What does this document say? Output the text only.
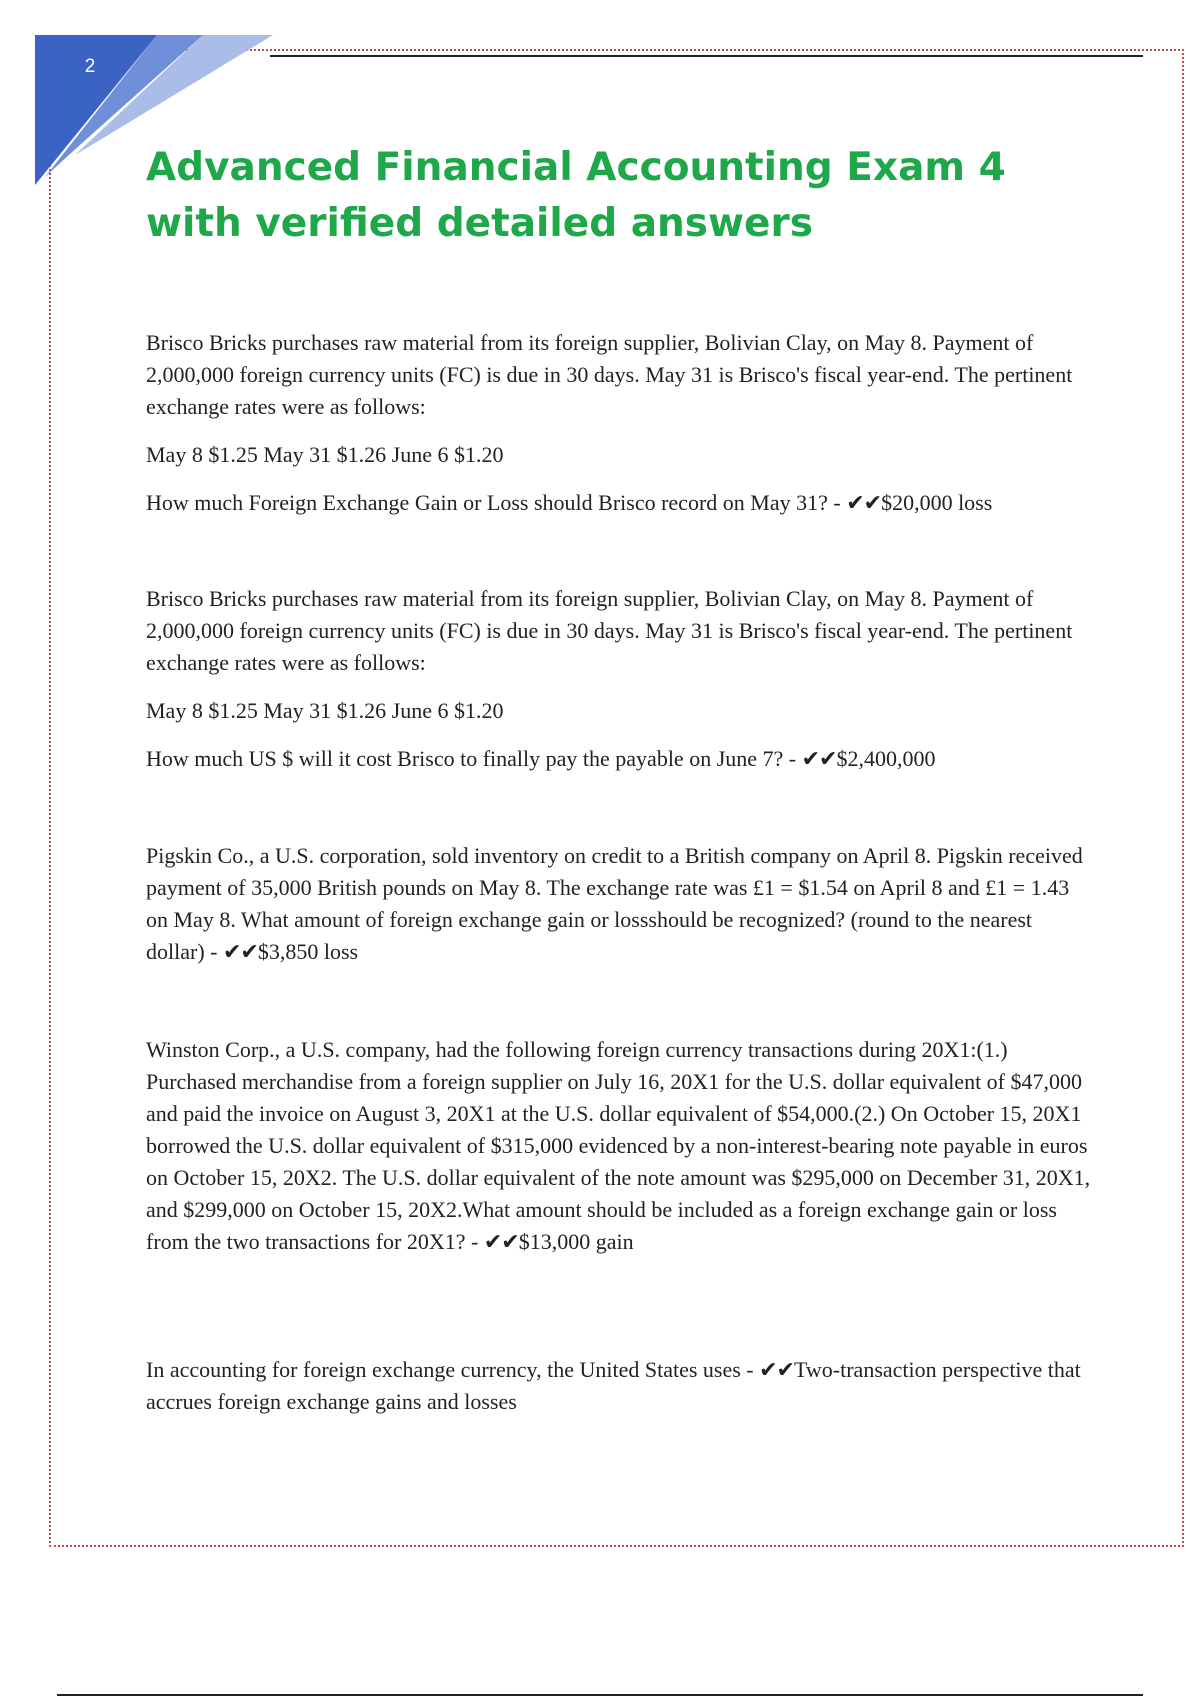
2
Advanced Financial Accounting Exam 4
with verified detailed answers

Brisco Bricks purchases raw material from its foreign supplier, Bolivian Clay, on May 8. Payment of 2,000,000 foreign currency units (FC) is due in 30 days. May 31 is Brisco's fiscal year-end. The pertinent exchange rates were as follows:

May 8 $1.25 May 31 $1.26 June 6 $1.20

How much Foreign Exchange Gain or Loss should Brisco record on May 31? - ✔✔$20,000 loss

Brisco Bricks purchases raw material from its foreign supplier, Bolivian Clay, on May 8. Payment of 2,000,000 foreign currency units (FC) is due in 30 days. May 31 is Brisco's fiscal year-end. The pertinent exchange rates were as follows:

May 8 $1.25 May 31 $1.26 June 6 $1.20

How much US $ will it cost Brisco to finally pay the payable on June 7? - ✔✔$2,400,000

Pigskin Co., a U.S. corporation, sold inventory on credit to a British company on April 8. Pigskin received payment of 35,000 British pounds on May 8. The exchange rate was £1 = $1.54 on April 8 and £1 = 1.43 on May 8. What amount of foreign exchange gain or lossshould be recognized? (round to the nearest dollar) - ✔✔$3,850 loss

Winston Corp., a U.S. company, had the following foreign currency transactions during 20X1:(1.) Purchased merchandise from a foreign supplier on July 16, 20X1 for the U.S. dollar equivalent of $47,000 and paid the invoice on August 3, 20X1 at the U.S. dollar equivalent of $54,000.(2.) On October 15, 20X1 borrowed the U.S. dollar equivalent of $315,000 evidenced by a non-interest-bearing note payable in euros on October 15, 20X2. The U.S. dollar equivalent of the note amount was $295,000 on December 31, 20X1, and $299,000 on October 15, 20X2.What amount should be included as a foreign exchange gain or loss from the two transactions for 20X1? - ✔✔$13,000 gain

In accounting for foreign exchange currency, the United States uses - ✔✔Two-transaction perspective that accrues foreign exchange gains and losses
